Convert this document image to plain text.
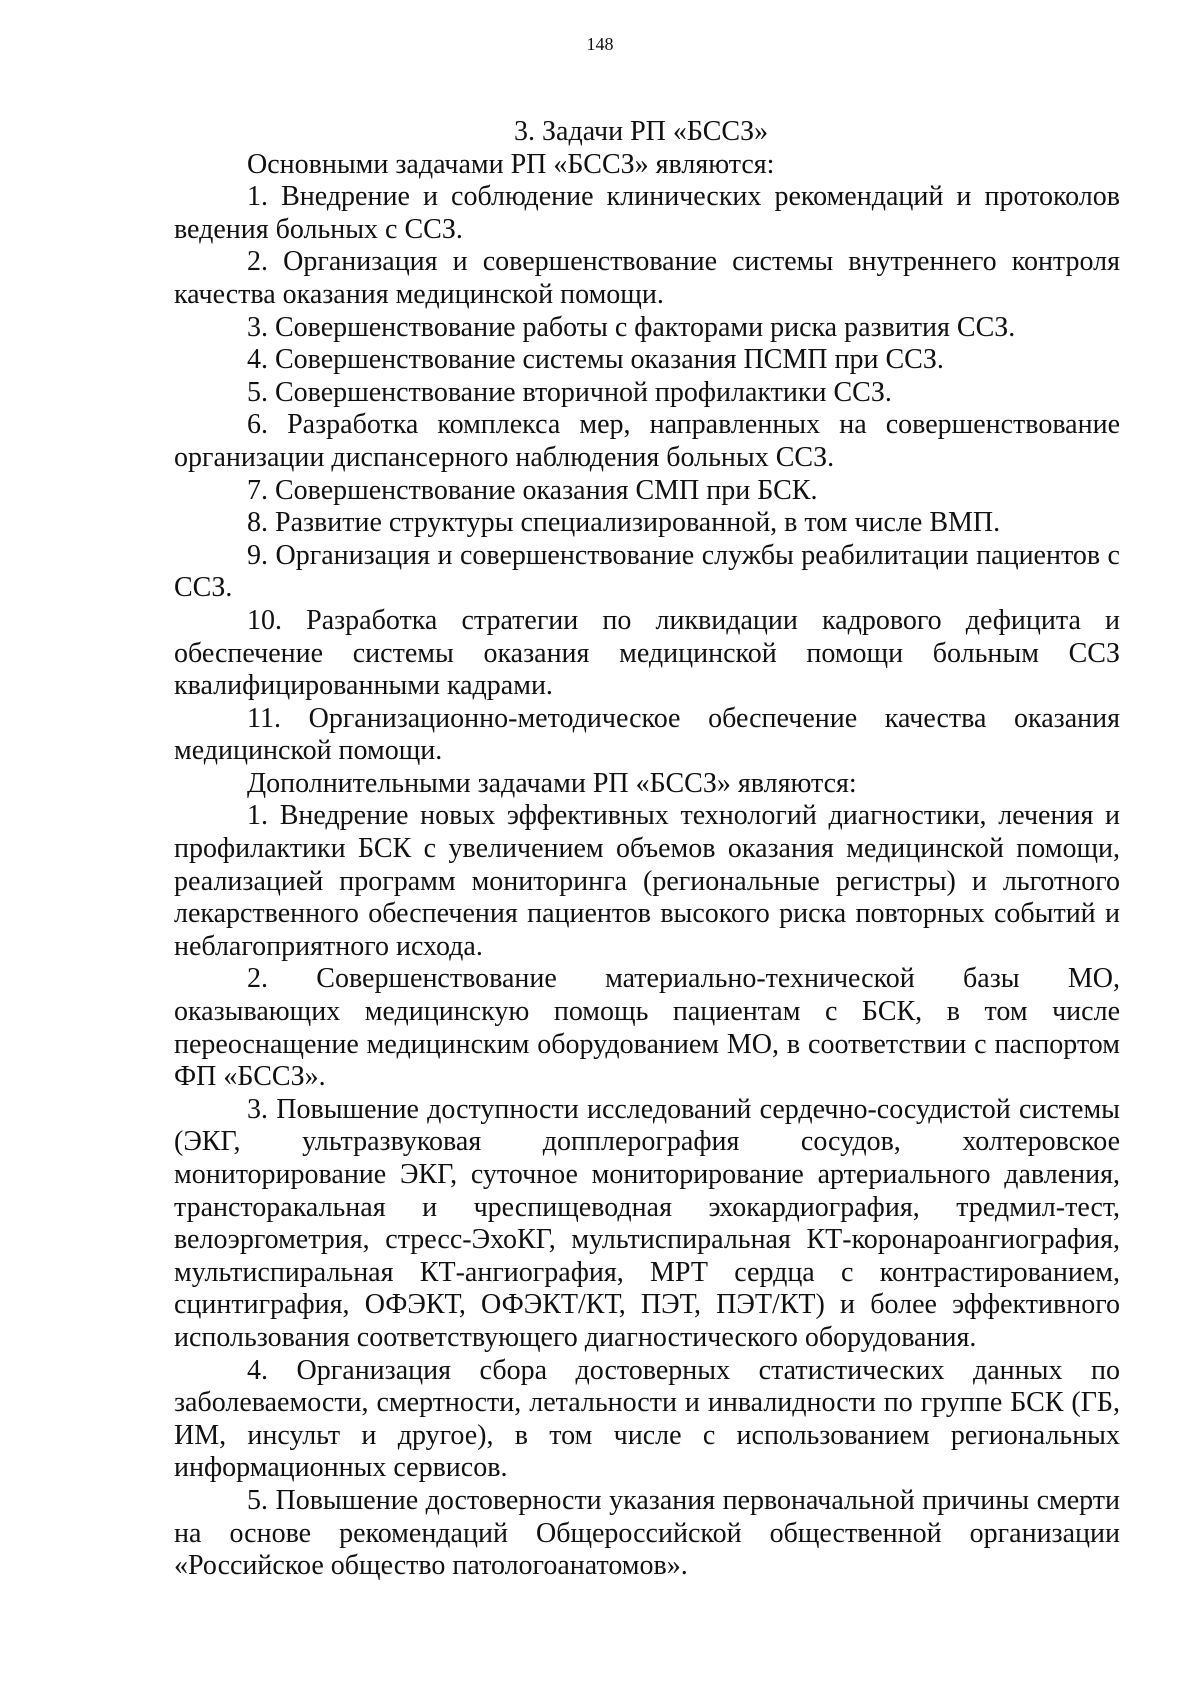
148
3. Задачи РП «БССЗ»

Основными задачами РП «БССЗ» являются:

1. Внедрение и соблюдение клинических рекомендаций и протоколов ведения больных с ССЗ.

2. Организация и совершенствование системы внутреннего контроля качества оказания медицинской помощи.

3. Совершенствование работы с факторами риска развития ССЗ.

4. Совершенствование системы оказания ПСМП при ССЗ.

5. Совершенствование вторичной профилактики ССЗ.

6. Разработка комплекса мер, направленных на совершенствование организации диспансерного наблюдения больных ССЗ.

7. Совершенствование оказания СМП при БСК.

8. Развитие структуры специализированной, в том числе ВМП.

9. Организация и совершенствование службы реабилитации пациентов с ССЗ.

10. Разработка стратегии по ликвидации кадрового дефицита и обеспечение системы оказания медицинской помощи больным ССЗ квалифицированными кадрами.

11. Организационно-методическое обеспечение качества оказания медицинской помощи.

Дополнительными задачами РП «БССЗ» являются:

1. Внедрение новых эффективных технологий диагностики, лечения и профилактики БСК с увеличением объемов оказания медицинской помощи, реализацией программ мониторинга (региональные регистры) и льготного лекарственного обеспечения пациентов высокого риска повторных событий и неблагоприятного исхода.

2. Совершенствование материально-технической базы МО, оказывающих медицинскую помощь пациентам с БСК, в том числе переоснащение медицинским оборудованием МО, в соответствии с паспортом ФП «БССЗ».

3. Повышение доступности исследований сердечно-сосудистой системы (ЭКГ, ультразвуковая допплерография сосудов, холтеровское мониторирование ЭКГ, суточное мониторирование артериального давления, трансторакальная и чреспищеводная эхокардиография, тредмил-тест, велоэргометрия, стресс-ЭхоКГ, мультиспиральная КТ-коронароангиография, мультиспиральная КТ-ангиография, МРТ сердца с контрастированием, сцинтиграфия, ОФЭКТ, ОФЭКТ/КТ, ПЭТ, ПЭТ/КТ) и более эффективного использования соответствующего диагностического оборудования.

4. Организация сбора достоверных статистических данных по заболеваемости, смертности, летальности и инвалидности по группе БСК (ГБ, ИМ, инсульт и другое), в том числе с использованием региональных информационных сервисов.

5. Повышение достоверности указания первоначальной причины смерти на основе рекомендаций Общероссийской общественной организации «Российское общество патологоанатомов».
